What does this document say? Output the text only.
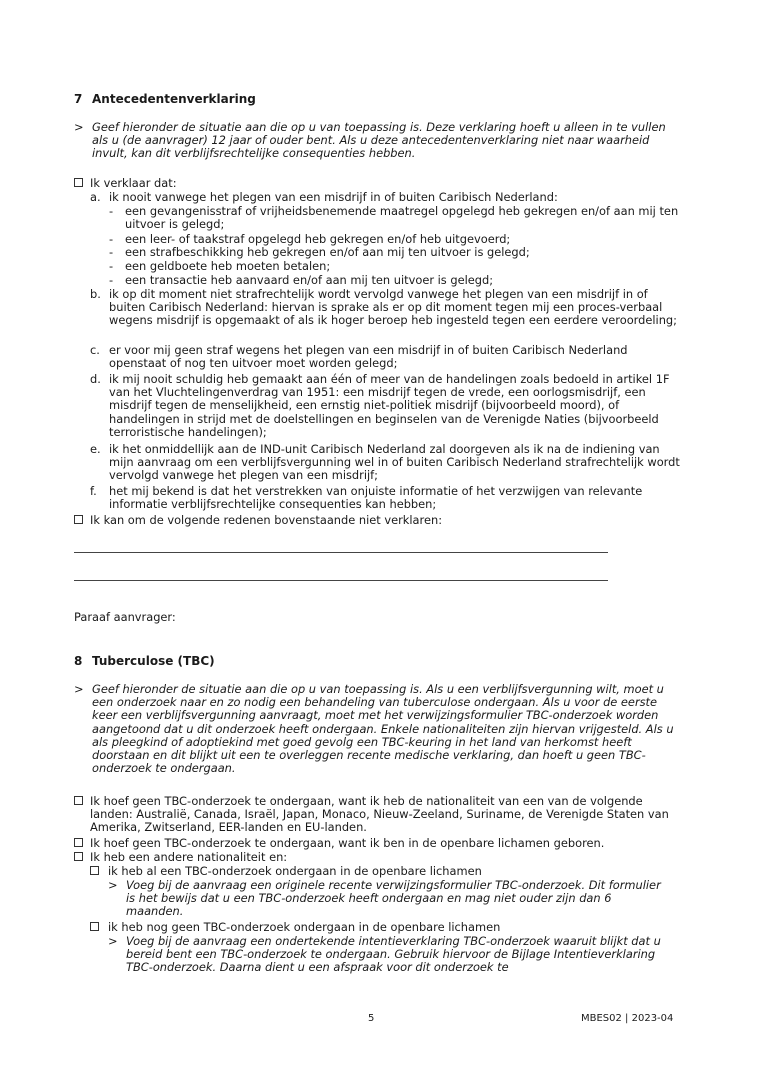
7 Antecedentenverklaring
> Geef hieronder de situatie aan die op u van toepassing is. Deze verklaring hoeft u alleen in te vullen als u (de aanvrager) 12 jaar of ouder bent. Als u deze antecedentenverklaring niet naar waarheid invult, kan dit verblijfsrechtelijke consequenties hebben.
Ik verklaar dat:
a. ik nooit vanwege het plegen van een misdrijf in of buiten Caribisch Nederland:
- een gevangenisstraf of vrijheidsbenemende maatregel opgelegd heb gekregen en/of aan mij ten uitvoer is gelegd;
- een leer- of taakstraf opgelegd heb gekregen en/of heb uitgevoerd;
- een strafbeschikking heb gekregen en/of aan mij ten uitvoer is gelegd;
- een geldboete heb moeten betalen;
- een transactie heb aanvaard en/of aan mij ten uitvoer is gelegd;
b. ik op dit moment niet strafrechtelijk wordt vervolgd vanwege het plegen van een misdrijf in of buiten Caribisch Nederland: hiervan is sprake als er op dit moment tegen mij een proces-verbaal wegens misdrijf is opgemaakt of als ik hoger beroep heb ingesteld tegen een eerdere veroordeling;
c. er voor mij geen straf wegens het plegen van een misdrijf in of buiten Caribisch Nederland openstaat of nog ten uitvoer moet worden gelegd;
d. ik mij nooit schuldig heb gemaakt aan één of meer van de handelingen zoals bedoeld in artikel 1F van het Vluchtelingenverdrag van 1951: een misdrijf tegen de vrede, een oorlogsmisdrijf, een misdrijf tegen de menselijkheid, een ernstig niet-politiek misdrijf (bijvoorbeeld moord), of handelingen in strijd met de doelstellingen en beginselen van de Verenigde Naties (bijvoorbeeld terroristische handelingen);
e. ik het onmiddellijk aan de IND-unit Caribisch Nederland zal doorgeven als ik na de indiening van mijn aanvraag om een verblijfsvergunning wel in of buiten Caribisch Nederland strafrechtelijk wordt vervolgd vanwege het plegen van een misdrijf;
f. het mij bekend is dat het verstrekken van onjuiste informatie of het verzwijgen van relevante informatie verblijfsrechtelijke consequenties kan hebben;
Ik kan om de volgende redenen bovenstaande niet verklaren:
Paraaf aanvrager:
8 Tuberculose (TBC)
> Geef hieronder de situatie aan die op u van toepassing is. Als u een verblijfsvergunning wilt, moet u een onderzoek naar en zo nodig een behandeling van tuberculose ondergaan. Als u voor de eerste keer een verblijfsvergunning aanvraagt, moet met het verwijzingsformulier TBC-onderzoek worden aangetoond dat u dit onderzoek heeft ondergaan. Enkele nationaliteiten zijn hiervan vrijgesteld. Als u als pleegkind of adoptiekind met goed gevolg een TBC-keuring in het land van herkomst heeft doorstaan en dit blijkt uit een te overleggen recente medische verklaring, dan hoeft u geen TBC-onderzoek te ondergaan.
Ik hoef geen TBC-onderzoek te ondergaan, want ik heb de nationaliteit van een van de volgende landen: Australië, Canada, Israël, Japan, Monaco, Nieuw-Zeeland, Suriname, de Verenigde Staten van Amerika, Zwitserland, EER-landen en EU-landen.
Ik hoef geen TBC-onderzoek te ondergaan, want ik ben in de openbare lichamen geboren.
Ik heb een andere nationaliteit en:
ik heb al een TBC-onderzoek ondergaan in de openbare lichamen
> Voeg bij de aanvraag een originele recente verwijzingsformulier TBC-onderzoek. Dit formulier is het bewijs dat u een TBC-onderzoek heeft ondergaan en mag niet ouder zijn dan 6 maanden.
ik heb nog geen TBC-onderzoek ondergaan in de openbare lichamen
> Voeg bij de aanvraag een ondertekende intentieverklaring TBC-onderzoek waaruit blijkt dat u bereid bent een TBC-onderzoek te ondergaan. Gebruik hiervoor de Bijlage Intentieverklaring TBC-onderzoek. Daarna dient u een afspraak voor dit onderzoek te
5	MBES02 | 2023-04
